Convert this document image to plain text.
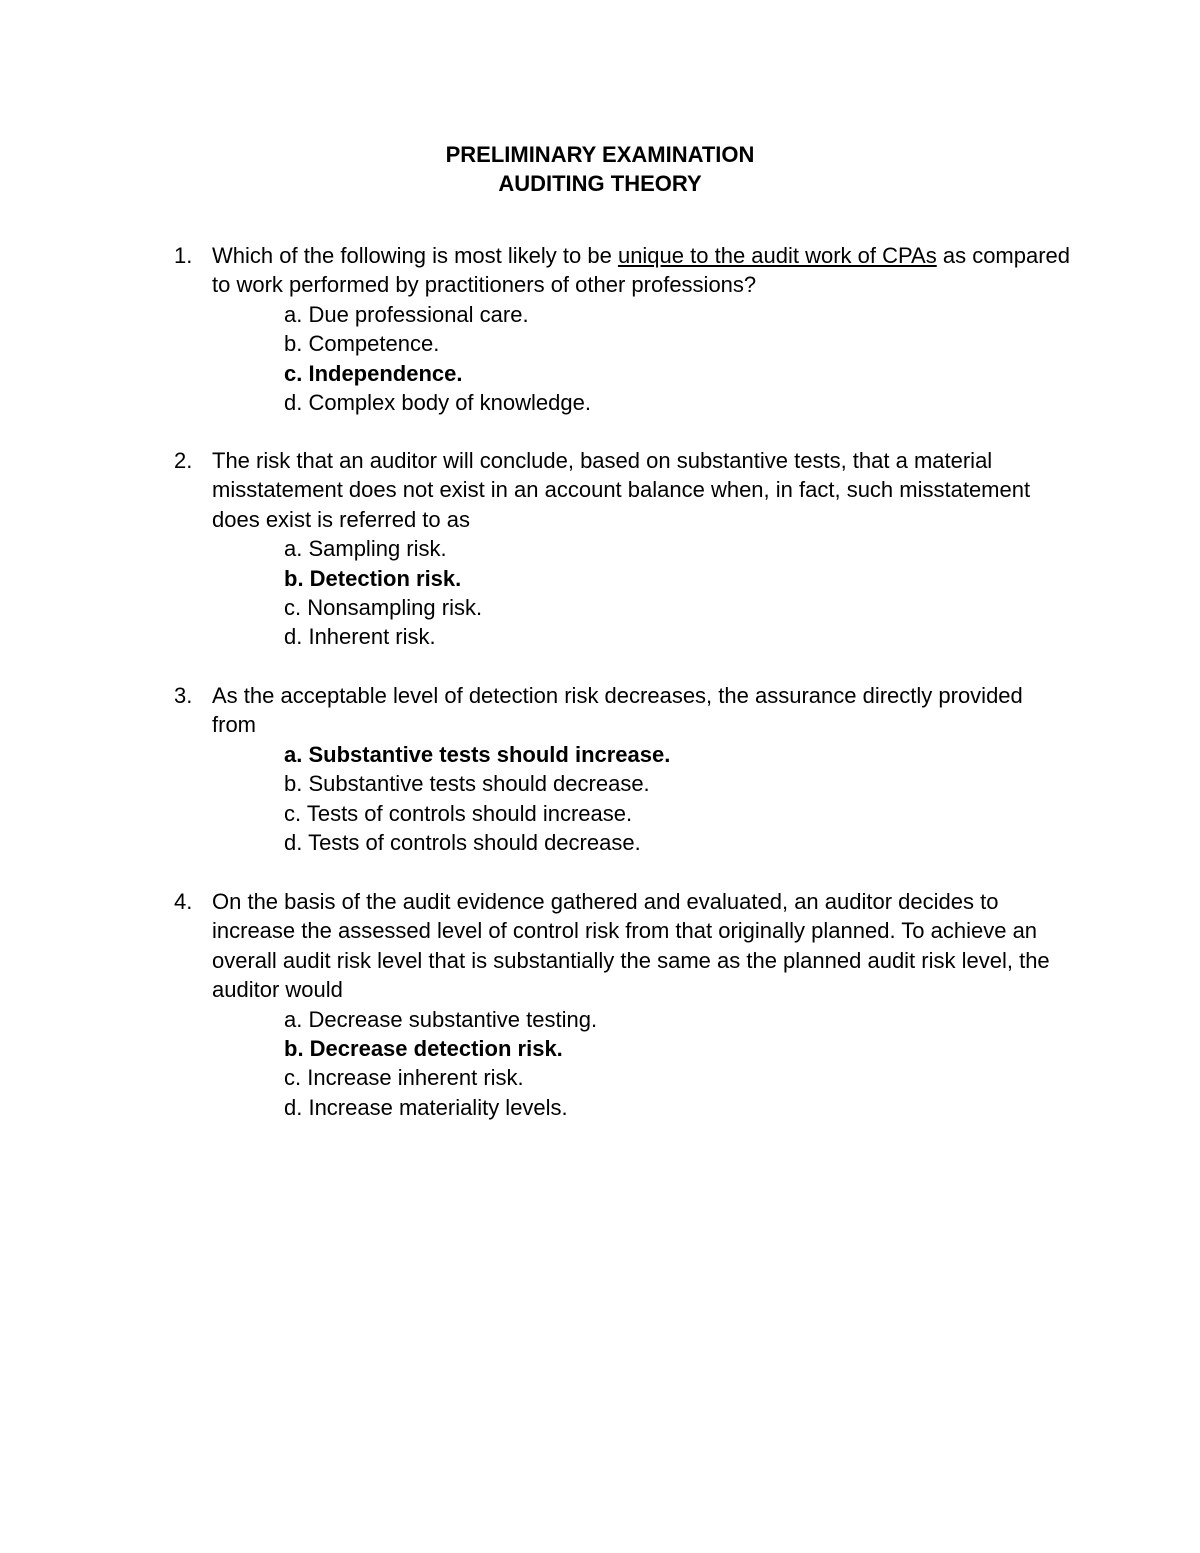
PRELIMINARY EXAMINATION
AUDITING THEORY
1. Which of the following is most likely to be unique to the audit work of CPAs as compared to work performed by practitioners of other professions?
a. Due professional care.
b. Competence.
c. Independence.
d. Complex body of knowledge.
2. The risk that an auditor will conclude, based on substantive tests, that a material misstatement does not exist in an account balance when, in fact, such misstatement does exist is referred to as
a. Sampling risk.
b. Detection risk.
c. Nonsampling risk.
d. Inherent risk.
3. As the acceptable level of detection risk decreases, the assurance directly provided from
a. Substantive tests should increase.
b. Substantive tests should decrease.
c. Tests of controls should increase.
d. Tests of controls should decrease.
4. On the basis of the audit evidence gathered and evaluated, an auditor decides to increase the assessed level of control risk from that originally planned. To achieve an overall audit risk level that is substantially the same as the planned audit risk level, the auditor would
a. Decrease substantive testing.
b. Decrease detection risk.
c. Increase inherent risk.
d. Increase materiality levels.
